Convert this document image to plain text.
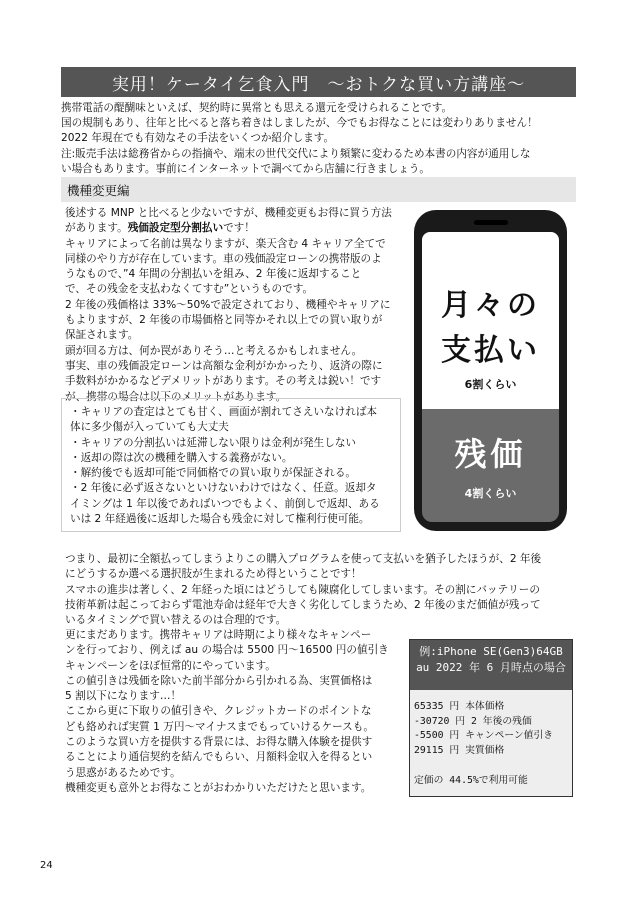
実用！ケータイ乞食入門　～おトクな買い方講座～

携帯電話の醍醐味といえば、契約時に異常とも思える還元を受けられることです。

国の規制もあり、往年と比べると落ち着きはしましたが、今でもお得なことには変わりありません！

2022 年現在でも有効なその手法をいくつか紹介します。

注:販売手法は総務省からの指摘や、端末の世代交代により頻繁に変わるため本書の内容が通用しな

い場合もあります。事前にインターネットで調べてから店舗に行きましょう。

機種変更編

後述する MNP と比べると少ないですが、機種変更もお得に買う方法

があります。残価設定型分割払いです！

キャリアによって名前は異なりますが、楽天含む 4 キャリア全てで

同様のやり方が存在しています。車の残価設定ローンの携帯版のよ

うなもので、”4 年間の分割払いを組み、2 年後に返却すること

で、その残金を支払わなくてすむ”というものです。

2 年後の残価格は 33%～50%で設定されており、機種やキャリアに

もよりますが、2 年後の市場価格と同等かそれ以上での買い取りが

保証されます。

頭が回る方は、何か罠がありそう…と考えるかもしれません。

事実、車の残価設定ローンは高額な金利がかかったり、返済の際に

手数料がかかるなどデメリットがあります。その考えは鋭い！です

が、携帯の場合は以下のメリットがあります。

月々の
支払い
6割くらい
残価
4割くらい

・キャリアの査定はとても甘く、画面が割れてさえいなければ本

体に多少傷が入っていても大丈夫

・キャリアの分割払いは延滞しない限りは金利が発生しない

・返却の際は次の機種を購入する義務がない。

・解約後でも返却可能で同価格での買い取りが保証される。

・2 年後に必ず返さないといけないわけではなく、任意。返却タ

イミングは 1 年以後であればいつでもよく、前倒しで返却、ある

いは 2 年経過後に返却した場合も残金に対して権利行使可能。

つまり、最初に全額払ってしまうよりこの購入プログラムを使って支払いを猶予したほうが、2 年後

にどうするか選べる選択肢が生まれるため得ということです！

スマホの進歩は著しく、2 年経った頃にはどうしても陳腐化してしまいます。その割にバッテリーの

技術革新は起こっておらず電池寿命は経年で大きく劣化してしまうため、2 年後のまだ価値が残って

いるタイミングで買い替えるのは合理的です。

更にまだあります。携帯キャリアは時期により様々なキャンペー

ンを行っており、例えば au の場合は 5500 円～16500 円の値引き

キャンペーンをほぼ恒常的にやっています。

この値引きは残価を除いた前半部分から引かれる為、実質価格は

5 割以下になります…！

ここから更に下取りの値引きや、クレジットカードのポイントな

ども絡めれば実質 1 万円～マイナスまでもっていけるケースも。

このような買い方を提供する背景には、お得な購入体験を提供す

ることにより通信契約を結んでもらい、月額料金収入を得るとい

う思惑があるためです。

機種変更も意外とお得なことがおわかりいただけたと思います。

例:iPhone SE(Gen3)64GB
au 2022 年 6 月時点の場合

65335 円 本体価格

-30720 円 2 年後の残価

-5500 円 キャンペーン値引き

29115 円 実質価格

定価の 44.5%で利用可能

24
